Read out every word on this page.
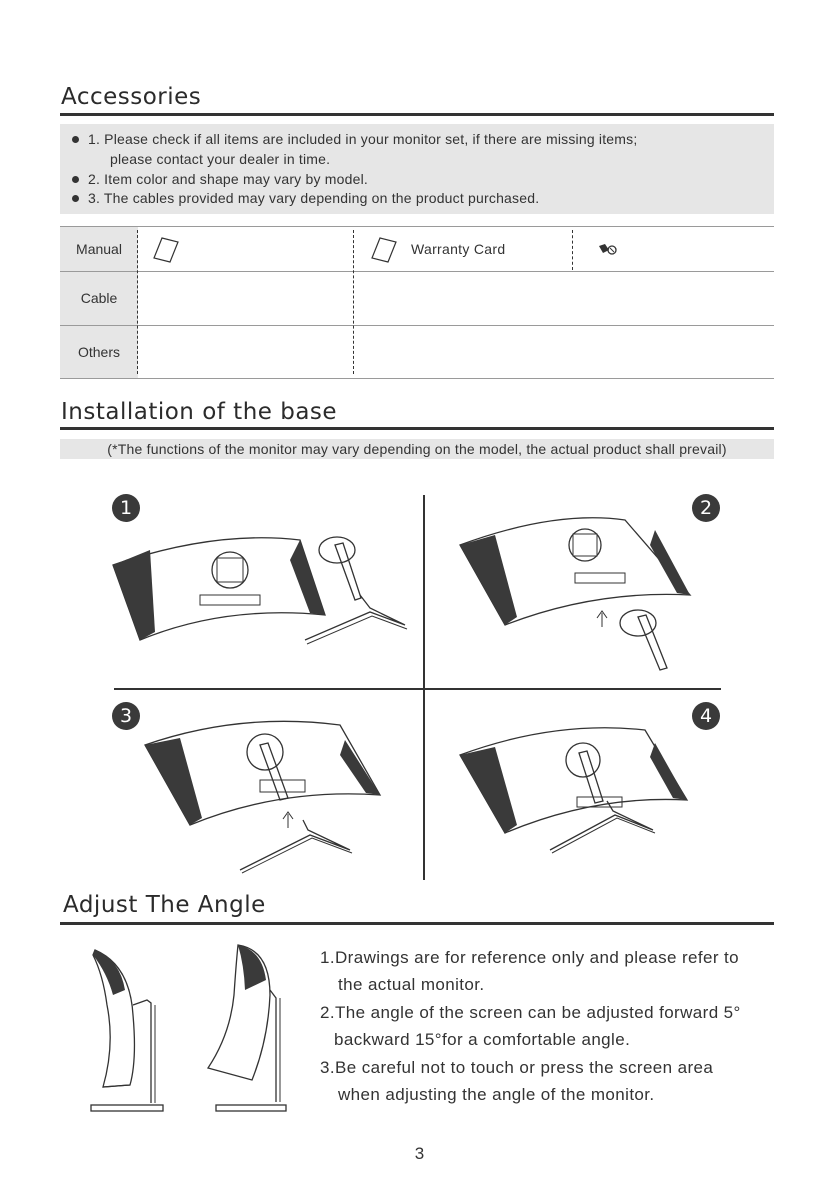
Accessories
1. Please check if all items are included in your monitor set, if there are missing items;
please contact your dealer in time.
2. Item color and shape may vary by model.
3. The cables provided may vary depending on the product purchased.
Manual
Cable
Others
Warranty Card
Installation of the base
(*The functions of the monitor may vary depending on the model, the actual product shall prevail)
1	2
3	4
Adjust The Angle
1.Drawings are for reference only and please refer to
the actual monitor.
2.The angle of the screen can be adjusted forward 5°
backward 15°for a comfortable angle.
3.Be careful not to touch or press the screen area
when adjusting the angle of the monitor.
3
